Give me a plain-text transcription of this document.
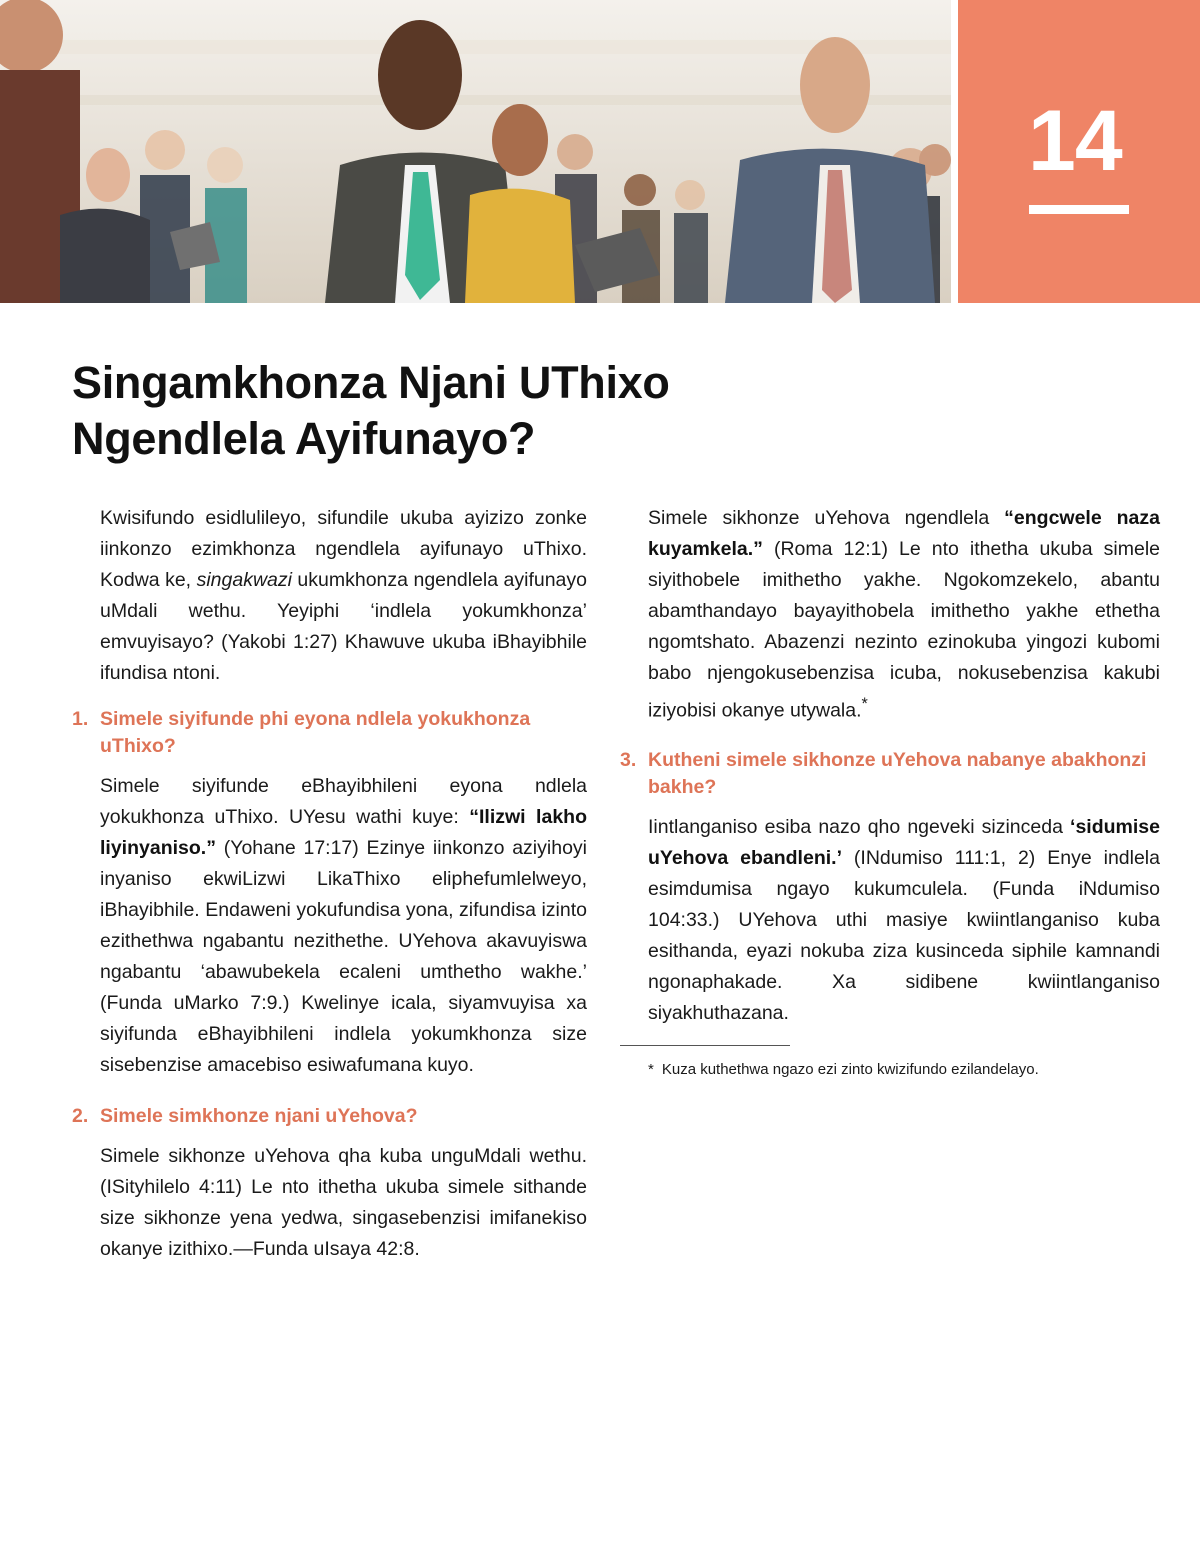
14
Singamkhonza Njani UThixo
Ngendlela Ayifunayo?

Kwisifundo esidlulileyo, sifundile ukuba ayizizo zonke iinkonzo ezimkhonza ngendlela ayifunayo uThixo. Kodwa ke, singakwazi ukumkhonza ngendlela ayifunayo uMdali wethu. Yeyiphi ‘indlela yokumkhonza’ emvuyisayo? (Yakobi 1:27) Khawuve ukuba iBhayibhile ifundisa ntoni.

1. Simele siyifunde phi eyona ndlela yokukhonza uThixo?

Simele siyifunde eBhayibhileni eyona ndlela yokukhonza uThixo. UYesu wathi kuye: “Ilizwi lakho liyinyaniso.” (Yohane 17:17) Ezinye iinkonzo aziyihoyi inyaniso ekwiLizwi LikaThixo eliphefumlelweyo, iBhayibhile. Endaweni yokufundisa yona, zifundisa izinto ezithethwa ngabantu nezithethe. UYehova akavuyiswa ngabantu ‘abawubekela ecaleni umthetho wakhe.’ (Funda uMarko 7:9.) Kwelinye icala, siyamvuyisa xa siyifunda eBhayibhileni indlela yokumkhonza size sisebenzise amacebiso esiwafumana kuyo.

2. Simele simkhonze njani uYehova?

Simele sikhonze uYehova qha kuba unguMdali wethu. (ISityhilelo 4:11) Le nto ithetha ukuba simele sithande size sikhonze yena yedwa, singasebenzisi imifanekiso okanye izithixo.—Funda uIsaya 42:8.

Simele sikhonze uYehova ngendlela “engcwele naza kuyamkela.” (Roma 12:1) Le nto ithetha ukuba simele siyithobele imithetho yakhe. Ngokomzekelo, abantu abamthandayo bayayithobela imithetho yakhe ethetha ngomtshato. Abazenzi nezinto ezinokuba yingozi kubomi babo njengokusebenzisa icuba, nokusebenzisa kakubi iziyobisi okanye utywala.*

3. Kutheni simele sikhonze uYehova nabanye abakhonzi bakhe?

Iintlanganiso esiba nazo qho ngeveki sizinceda ‘sidumise uYehova ebandleni.’ (INdumiso 111:1, 2) Enye indlela esimdumisa ngayo kukumculela. (Funda iNdumiso 104:33.) UYehova uthi masiye kwiintlanganiso kuba esithanda, eyazi nokuba ziza kusinceda siphile kamnandi ngonaphakade. Xa sidibene kwiintlanganiso siyakhuthazana.

* Kuza kuthethwa ngazo ezi zinto kwizifundo ezilandelayo.
